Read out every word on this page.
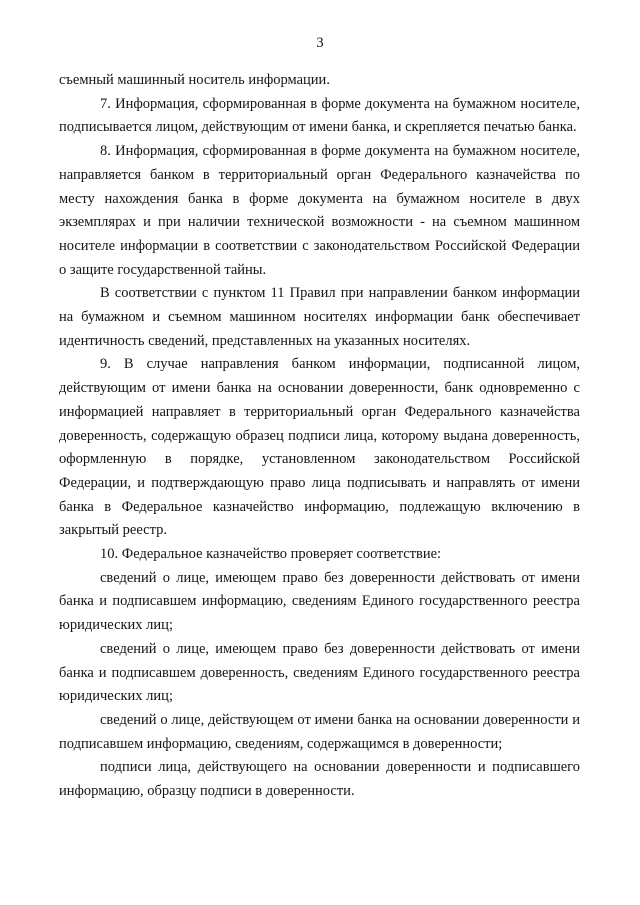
3

съемный машинный носитель информации.

7. Информация, сформированная в форме документа на бумажном носителе, подписывается лицом, действующим от имени банка, и скрепляется печатью банка.

8. Информация, сформированная в форме документа на бумажном носителе, направляется банком в территориальный орган Федерального казначейства по месту нахождения банка в форме документа на бумажном носителе в двух экземплярах и при наличии технической возможности - на съемном машинном носителе информации в соответствии с законодательством Российской Федерации о защите государственной тайны.

В соответствии с пунктом 11 Правил при направлении банком информации на бумажном и съемном машинном носителях информации банк обеспечивает идентичность сведений, представленных на указанных носителях.

9. В случае направления банком информации, подписанной лицом, действующим от имени банка на основании доверенности, банк одновременно с информацией направляет в территориальный орган Федерального казначейства доверенность, содержащую образец подписи лица, которому выдана доверенность, оформленную в порядке, установленном законодательством Российской Федерации, и подтверждающую право лица подписывать и направлять от имени банка в Федеральное казначейство информацию, подлежащую включению в закрытый реестр.

10. Федеральное казначейство проверяет соответствие:

сведений о лице, имеющем право без доверенности действовать от имени банка и подписавшем информацию, сведениям Единого государственного реестра юридических лиц;

сведений о лице, имеющем право без доверенности действовать от имени банка и подписавшем доверенность, сведениям Единого государственного реестра юридических лиц;

сведений о лице, действующем от имени банка на основании доверенности и подписавшем информацию, сведениям, содержащимся в доверенности;

подписи лица, действующего на основании доверенности и подписавшего информацию, образцу подписи в доверенности.
